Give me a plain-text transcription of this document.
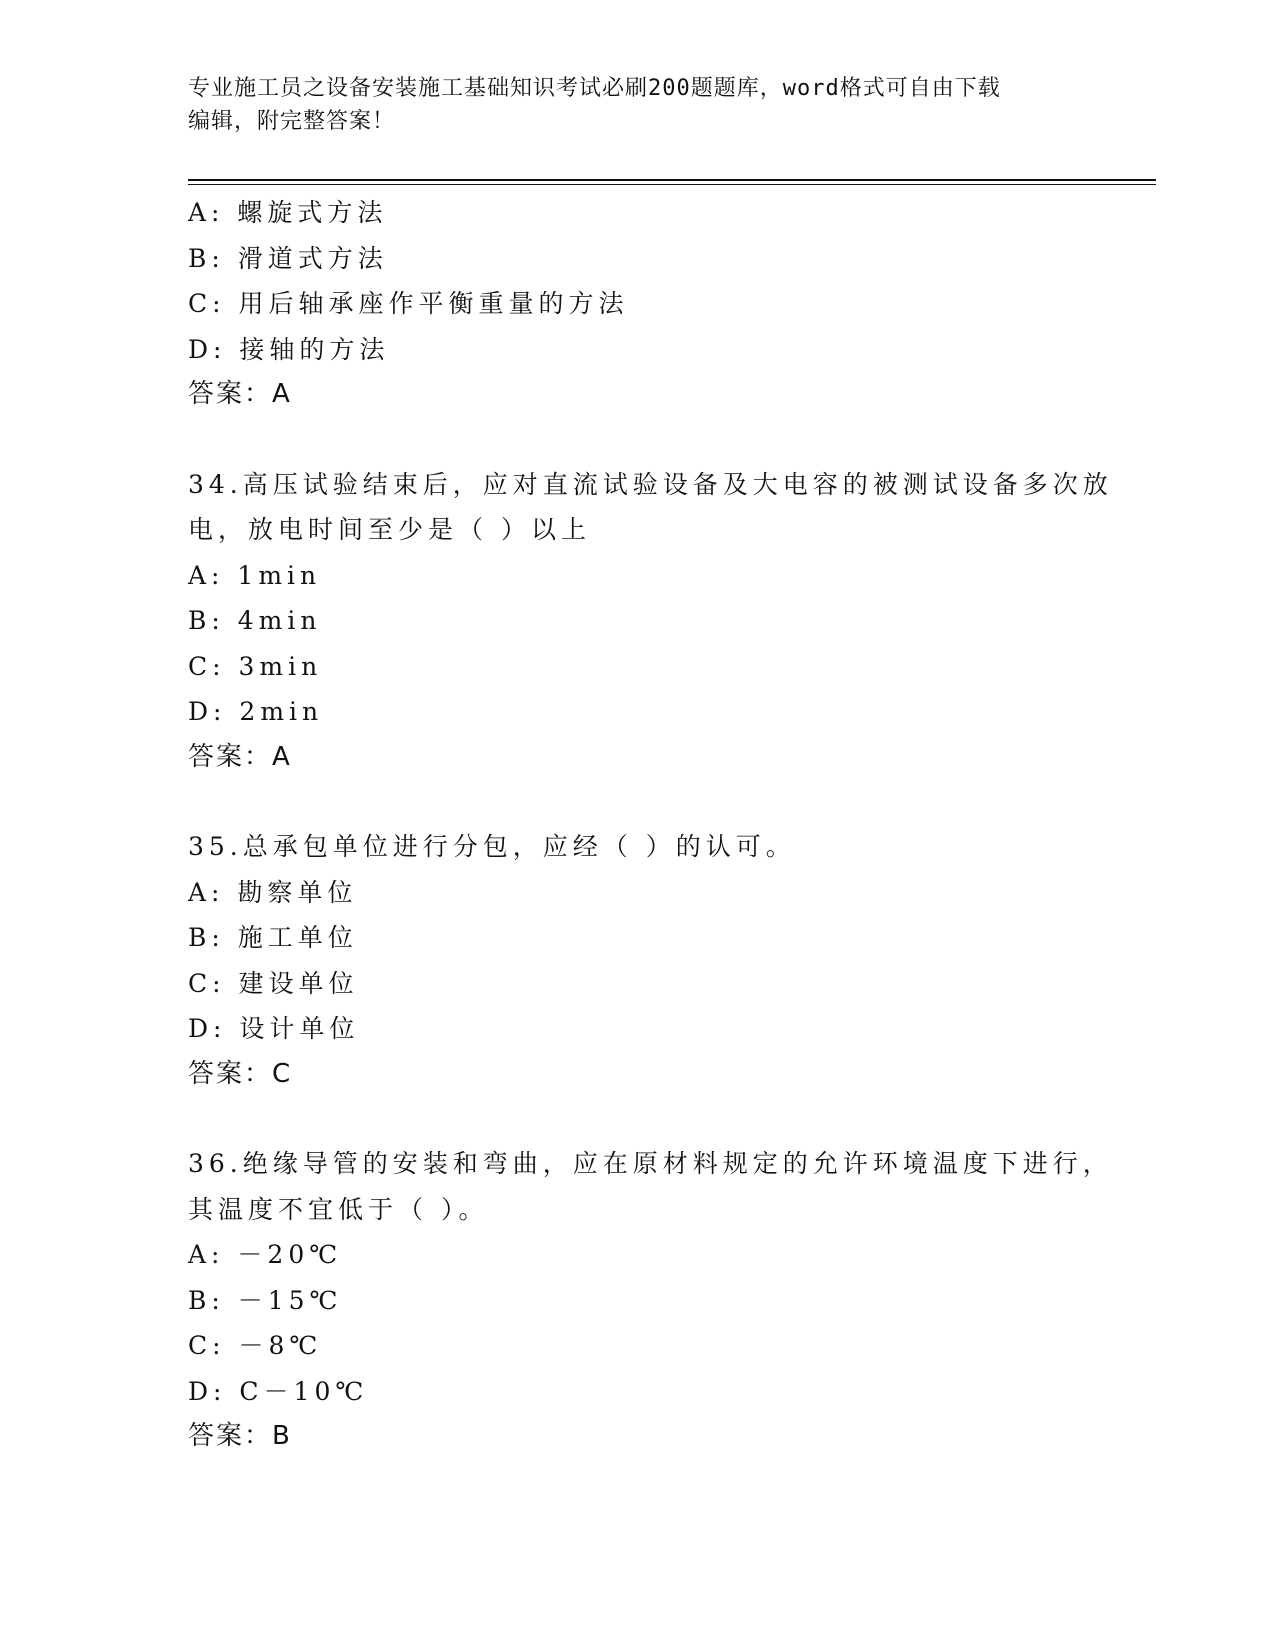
专业施工员之设备安装施工基础知识考试必刷200题题库，word格式可自由下载
编辑，附完整答案！
A: 螺旋式方法
B: 滑道式方法
C: 用后轴承座作平衡重量的方法
D: 接轴的方法
答案：A
34.高压试验结束后，应对直流试验设备及大电容的被测试设备多次放
电，放电时间至少是（ ）以上
A: 1min
B: 4min
C: 3min
D: 2min
答案：A
35.总承包单位进行分包，应经（ ）的认可。
A: 勘察单位
B: 施工单位
C: 建设单位
D: 设计单位
答案：C
36.绝缘导管的安装和弯曲，应在原材料规定的允许环境温度下进行，
其温度不宜低于（ ）。
A: －20℃
B: －15℃
C: －8℃
D: C－10℃
答案：B
